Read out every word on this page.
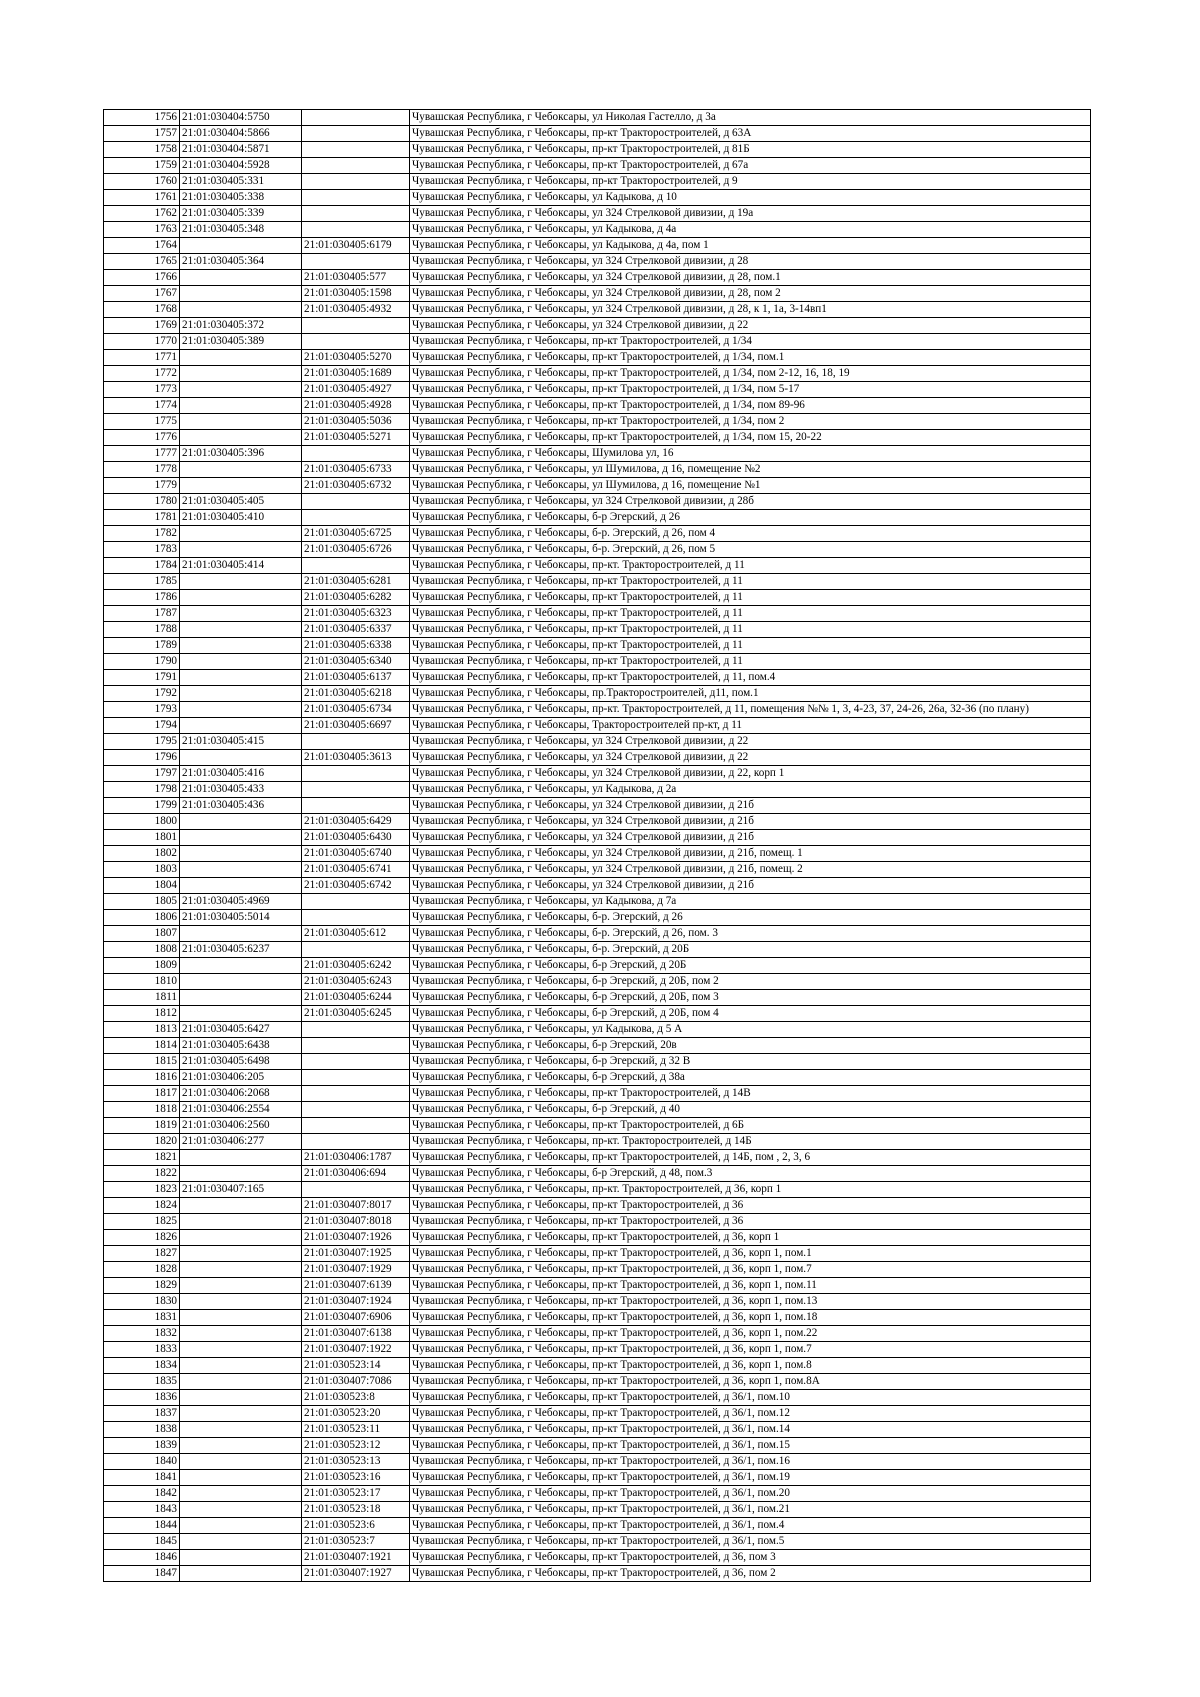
1756	21:01:030404:5750		Чувашская Республика, г Чебоксары, ул Николая Гастелло, д 3а
1757	21:01:030404:5866		Чувашская Республика, г Чебоксары, пр-кт Тракторостроителей, д 63А
1758	21:01:030404:5871		Чувашская Республика, г Чебоксары, пр-кт Тракторостроителей, д 81Б
1759	21:01:030404:5928		Чувашская Республика, г Чебоксары, пр-кт Тракторостроителей, д 67а
1760	21:01:030405:331		Чувашская Республика, г Чебоксары, пр-кт Тракторостроителей, д 9
1761	21:01:030405:338		Чувашская Республика, г Чебоксары, ул Кадыкова, д 10
1762	21:01:030405:339		Чувашская Республика, г Чебоксары, ул 324 Стрелковой дивизии, д 19а
1763	21:01:030405:348		Чувашская Республика, г Чебоксары, ул Кадыкова, д 4а
1764		21:01:030405:6179	Чувашская Республика, г Чебоксары, ул Кадыкова, д 4а, пом 1
1765	21:01:030405:364		Чувашская Республика, г Чебоксары, ул 324 Стрелковой дивизии, д 28
1766		21:01:030405:577	Чувашская Республика, г Чебоксары, ул 324 Стрелковой дивизии, д 28, пом.1
1767		21:01:030405:1598	Чувашская Республика, г Чебоксары, ул 324 Стрелковой дивизии, д 28, пом 2
1768		21:01:030405:4932	Чувашская Республика, г Чебоксары, ул 324 Стрелковой дивизии, д 28, к 1, 1а, 3-14вп1
1769	21:01:030405:372		Чувашская Республика, г Чебоксары, ул 324 Стрелковой дивизии, д 22
1770	21:01:030405:389		Чувашская Республика, г Чебоксары, пр-кт Тракторостроителей, д 1/34
1771		21:01:030405:5270	Чувашская Республика, г Чебоксары, пр-кт Тракторостроителей, д 1/34, пом.1
1772		21:01:030405:1689	Чувашская Республика, г Чебоксары, пр-кт Тракторостроителей, д 1/34, пом 2-12, 16, 18, 19
1773		21:01:030405:4927	Чувашская Республика, г Чебоксары, пр-кт Тракторостроителей, д 1/34, пом 5-17
1774		21:01:030405:4928	Чувашская Республика, г Чебоксары, пр-кт Тракторостроителей, д 1/34, пом 89-96
1775		21:01:030405:5036	Чувашская Республика, г Чебоксары, пр-кт Тракторостроителей, д 1/34, пом 2
1776		21:01:030405:5271	Чувашская Республика, г Чебоксары, пр-кт Тракторостроителей, д 1/34, пом 15, 20-22
1777	21:01:030405:396		Чувашская Республика, г Чебоксары, Шумилова ул, 16
1778		21:01:030405:6733	Чувашская Республика, г Чебоксары, ул Шумилова, д 16, помещение №2
1779		21:01:030405:6732	Чувашская Республика, г Чебоксары, ул Шумилова, д 16, помещение №1
1780	21:01:030405:405		Чувашская Республика, г Чебоксары, ул 324 Стрелковой дивизии, д 28б
1781	21:01:030405:410		Чувашская Республика, г Чебоксары, б-р Эгерский, д 26
1782		21:01:030405:6725	Чувашская Республика, г Чебоксары, б-р. Эгерский, д 26, пом 4
1783		21:01:030405:6726	Чувашская Республика, г Чебоксары, б-р. Эгерский, д 26, пом 5
1784	21:01:030405:414		Чувашская Республика, г Чебоксары, пр-кт. Тракторостроителей, д 11
1785		21:01:030405:6281	Чувашская Республика, г Чебоксары, пр-кт Тракторостроителей, д 11
1786		21:01:030405:6282	Чувашская Республика, г Чебоксары, пр-кт Тракторостроителей, д 11
1787		21:01:030405:6323	Чувашская Республика, г Чебоксары, пр-кт Тракторостроителей, д 11
1788		21:01:030405:6337	Чувашская Республика, г Чебоксары, пр-кт Тракторостроителей, д 11
1789		21:01:030405:6338	Чувашская Республика, г Чебоксары, пр-кт Тракторостроителей, д 11
1790		21:01:030405:6340	Чувашская Республика, г Чебоксары, пр-кт Тракторостроителей, д 11
1791		21:01:030405:6137	Чувашская Республика, г Чебоксары, пр-кт Тракторостроителей, д 11, пом.4
1792		21:01:030405:6218	Чувашская Республика, г Чебоксары, пр.Тракторостроителей, д11, пом.1
1793		21:01:030405:6734	Чувашская Республика, г Чебоксары, пр-кт. Тракторостроителей, д 11, помещения №№ 1, 3, 4-23, 37, 24-26, 26а, 32-36 (по плану)
1794		21:01:030405:6697	Чувашская Республика, г Чебоксары, Тракторостроителей пр-кт, д 11
1795	21:01:030405:415		Чувашская Республика, г Чебоксары, ул 324 Стрелковой дивизии, д 22
1796		21:01:030405:3613	Чувашская Республика, г Чебоксары, ул 324 Стрелковой дивизии, д 22
1797	21:01:030405:416		Чувашская Республика, г Чебоксары, ул 324 Стрелковой дивизии, д 22, корп 1
1798	21:01:030405:433		Чувашская Республика, г Чебоксары, ул Кадыкова, д 2а
1799	21:01:030405:436		Чувашская Республика, г Чебоксары, ул 324 Стрелковой дивизии, д 21б
1800		21:01:030405:6429	Чувашская Республика, г Чебоксары, ул 324 Стрелковой дивизии, д 21б
1801		21:01:030405:6430	Чувашская Республика, г Чебоксары, ул 324 Стрелковой дивизии, д 21б
1802		21:01:030405:6740	Чувашская Республика, г Чебоксары, ул 324 Стрелковой дивизии, д 21б, помещ. 1
1803		21:01:030405:6741	Чувашская Республика, г Чебоксары, ул 324 Стрелковой дивизии, д 21б, помещ. 2
1804		21:01:030405:6742	Чувашская Республика, г Чебоксары, ул 324 Стрелковой дивизии, д 21б
1805	21:01:030405:4969		Чувашская Республика, г Чебоксары, ул Кадыкова, д 7а
1806	21:01:030405:5014		Чувашская Республика, г Чебоксары, б-р. Эгерский, д 26
1807		21:01:030405:612	Чувашская Республика, г Чебоксары, б-р. Эгерский, д 26, пом. 3
1808	21:01:030405:6237		Чувашская Республика, г Чебоксары, б-р. Эгерский, д 20Б
1809		21:01:030405:6242	Чувашская Республика, г Чебоксары, б-р Эгерский, д 20Б
1810		21:01:030405:6243	Чувашская Республика, г Чебоксары, б-р Эгерский, д 20Б, пом 2
1811		21:01:030405:6244	Чувашская Республика, г Чебоксары, б-р Эгерский, д 20Б, пом 3
1812		21:01:030405:6245	Чувашская Республика, г Чебоксары, б-р Эгерский, д 20Б, пом 4
1813	21:01:030405:6427		Чувашская Республика, г Чебоксары, ул Кадыкова, д 5 А
1814	21:01:030405:6438		Чувашская Республика, г Чебоксары, б-р Эгерский, 20в
1815	21:01:030405:6498		Чувашская Республика, г Чебоксары, б-р Эгерский, д 32 В
1816	21:01:030406:205		Чувашская Республика, г Чебоксары, б-р Эгерский, д 38а
1817	21:01:030406:2068		Чувашская Республика, г Чебоксары, пр-кт Тракторостроителей, д 14В
1818	21:01:030406:2554		Чувашская Республика, г Чебоксары, б-р Эгерский, д 40
1819	21:01:030406:2560		Чувашская Республика, г Чебоксары, пр-кт Тракторостроителей, д 6Б
1820	21:01:030406:277		Чувашская Республика, г Чебоксары, пр-кт. Тракторостроителей, д 14Б
1821		21:01:030406:1787	Чувашская Республика, г Чебоксары, пр-кт Тракторостроителей, д 14Б, пом , 2, 3, 6
1822		21:01:030406:694	Чувашская Республика, г Чебоксары, б-р Эгерский, д 48, пом.3
1823	21:01:030407:165		Чувашская Республика, г Чебоксары, пр-кт. Тракторостроителей, д 36, корп 1
1824		21:01:030407:8017	Чувашская Республика, г Чебоксары, пр-кт Тракторостроителей, д 36
1825		21:01:030407:8018	Чувашская Республика, г Чебоксары, пр-кт Тракторостроителей, д 36
1826		21:01:030407:1926	Чувашская Республика, г Чебоксары, пр-кт Тракторостроителей, д 36, корп 1
1827		21:01:030407:1925	Чувашская Республика, г Чебоксары, пр-кт Тракторостроителей, д 36, корп 1, пом.1
1828		21:01:030407:1929	Чувашская Республика, г Чебоксары, пр-кт Тракторостроителей, д 36, корп 1, пом.7
1829		21:01:030407:6139	Чувашская Республика, г Чебоксары, пр-кт Тракторостроителей, д 36, корп 1, пом.11
1830		21:01:030407:1924	Чувашская Республика, г Чебоксары, пр-кт Тракторостроителей, д 36, корп 1, пом.13
1831		21:01:030407:6906	Чувашская Республика, г Чебоксары, пр-кт Тракторостроителей, д 36, корп 1, пом.18
1832		21:01:030407:6138	Чувашская Республика, г Чебоксары, пр-кт Тракторостроителей, д 36, корп 1, пом.22
1833		21:01:030407:1922	Чувашская Республика, г Чебоксары, пр-кт Тракторостроителей, д 36, корп 1, пом.7
1834		21:01:030523:14	Чувашская Республика, г Чебоксары, пр-кт Тракторостроителей, д 36, корп 1, пом.8
1835		21:01:030407:7086	Чувашская Республика, г Чебоксары, пр-кт Тракторостроителей, д 36, корп 1, пом.8А
1836		21:01:030523:8	Чувашская Республика, г Чебоксары, пр-кт Тракторостроителей, д 36/1, пом.10
1837		21:01:030523:20	Чувашская Республика, г Чебоксары, пр-кт Тракторостроителей, д 36/1, пом.12
1838		21:01:030523:11	Чувашская Республика, г Чебоксары, пр-кт Тракторостроителей, д 36/1, пом.14
1839		21:01:030523:12	Чувашская Республика, г Чебоксары, пр-кт Тракторостроителей, д 36/1, пом.15
1840		21:01:030523:13	Чувашская Республика, г Чебоксары, пр-кт Тракторостроителей, д 36/1, пом.16
1841		21:01:030523:16	Чувашская Республика, г Чебоксары, пр-кт Тракторостроителей, д 36/1, пом.19
1842		21:01:030523:17	Чувашская Республика, г Чебоксары, пр-кт Тракторостроителей, д 36/1, пом.20
1843		21:01:030523:18	Чувашская Республика, г Чебоксары, пр-кт Тракторостроителей, д 36/1, пом.21
1844		21:01:030523:6	Чувашская Республика, г Чебоксары, пр-кт Тракторостроителей, д 36/1, пом.4
1845		21:01:030523:7	Чувашская Республика, г Чебоксары, пр-кт Тракторостроителей, д 36/1, пом.5
1846		21:01:030407:1921	Чувашская Республика, г Чебоксары, пр-кт Тракторостроителей, д 36, пом 3
1847		21:01:030407:1927	Чувашская Республика, г Чебоксары, пр-кт Тракторостроителей, д 36, пом 2
